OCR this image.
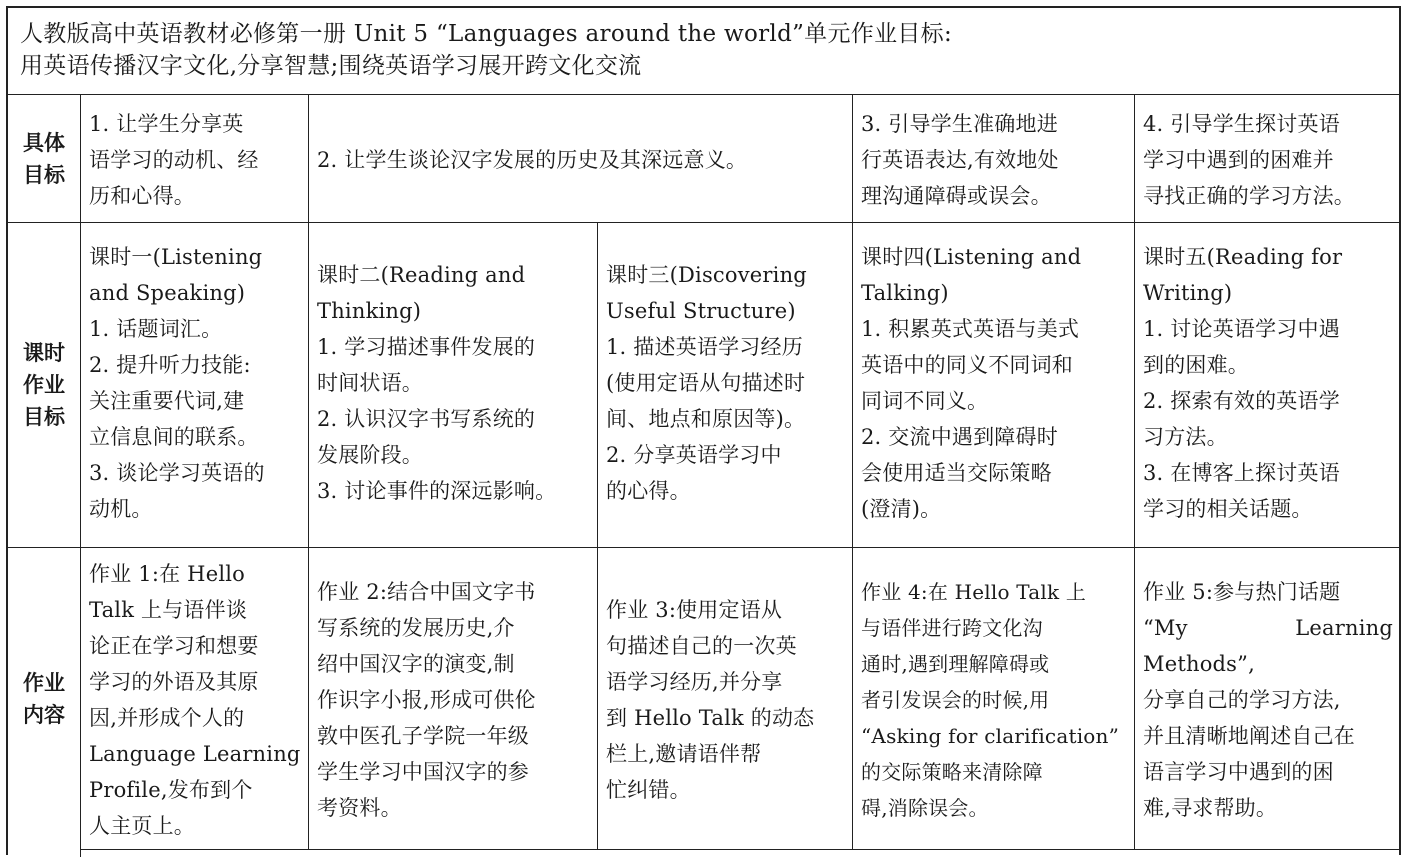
人教版高中英语教材必修第一册 Unit 5 “Languages around the world”单元作业目标:
用英语传播汉字文化,分享智慧;围绕英语学习展开跨文化交流
具体
目标
1. 让学生分享英
语学习的动机、经
历和心得。
2. 让学生谈论汉字发展的历史及其深远意义。
3. 引导学生准确地进
行英语表达,有效地处
理沟通障碍或误会。
4. 引导学生探讨英语
学习中遇到的困难并
寻找正确的学习方法。
课时
作业
目标
课时一(Listening
and Speaking)
1. 话题词汇。
2. 提升听力技能:
关注重要代词,建
立信息间的联系。
3. 谈论学习英语的
动机。
课时二(Reading and
Thinking)
1. 学习描述事件发展的
时间状语。
2. 认识汉字书写系统的
发展阶段。
3. 讨论事件的深远影响。
课时三(Discovering
Useful Structure)
1. 描述英语学习经历
(使用定语从句描述时
间、地点和原因等)。
2. 分享英语学习中
的心得。
课时四(Listening and
Talking)
1. 积累英式英语与美式
英语中的同义不同词和
同词不同义。
2. 交流中遇到障碍时
会使用适当交际策略
(澄清)。
课时五(Reading for
Writing)
1. 讨论英语学习中遇
到的困难。
2. 探索有效的英语学
习方法。
3. 在博客上探讨英语
学习的相关话题。
作业
内容
作业 1:在 Hello
Talk 上与语伴谈
论正在学习和想要
学习的外语及其原
因,并形成个人的
Language Learning
Profile,发布到个
人主页上。
作业 2:结合中国文字书
写系统的发展历史,介
绍中国汉字的演变,制
作识字小报,形成可供伦
敦中医孔子学院一年级
学生学习中国汉字的参
考资料。
作业 3:使用定语从
句描述自己的一次英
语学习经历,并分享
到 Hello Talk 的动态
栏上,邀请语伴帮
忙纠错。
作业 4:在 Hello Talk 上
与语伴进行跨文化沟
通时,遇到理解障碍或
者引发误会的时候,用
“Asking for clarification”
的交际策略来清除障
碍,消除误会。
作业 5:参与热门话题
“My Learning Methods”,
分享自己的学习方法,
并且清晰地阐述自己在
语言学习中遇到的困
难,寻求帮助。
